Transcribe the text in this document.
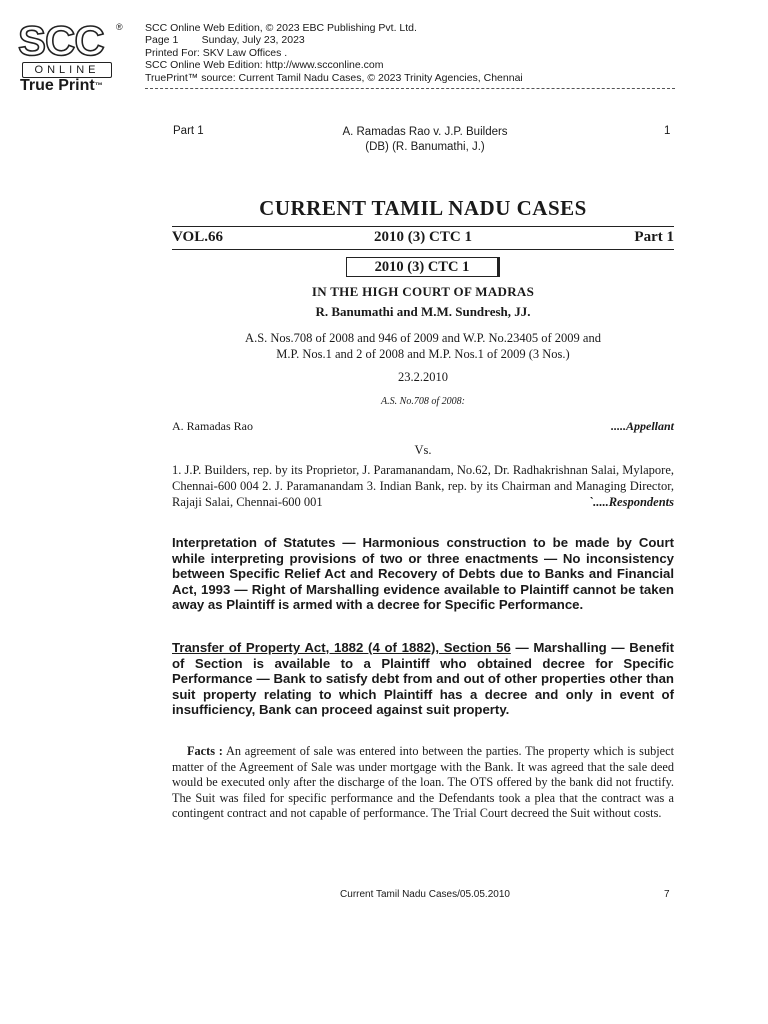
SCC ®
ONLINE
True Print™
SCC Online Web Edition, © 2023 EBC Publishing Pvt. Ltd.
Page 1        Sunday, July 23, 2023
Printed For: SKV Law Offices .
SCC Online Web Edition: http://www.scconline.com
TruePrint™ source: Current Tamil Nadu Cases, © 2023 Trinity Agencies, Chennai
Part 1	A. Ramadas Rao v. J.P. Builders
(DB) (R. Banumathi, J.)
1
CURRENT TAMIL NADU CASES
2010 (3) CTC 1
VOL.66	Part 1
2010 (3) CTC 1
IN THE HIGH COURT OF MADRAS
R. Banumathi and M.M. Sundresh, JJ.
A.S. Nos.708 of 2008 and 946 of 2009 and W.P. No.23405 of 2009 and
M.P. Nos.1 and 2 of 2008 and M.P. Nos.1 of 2009 (3 Nos.)
23.2.2010
A.S. No.708 of 2008:
A. Ramadas Rao	.....Appellant
Vs.
1. J.P. Builders, rep. by its Proprietor, J. Paramanandam, No.62, Dr. Radhakrishnan Salai, Mylapore, Chennai-600 004 2. J. Paramanandam 3. Indian Bank, rep. by its Chairman and Managing Director, Rajaji Salai, Chennai-600 001	`.....Respondents
Interpretation of Statutes — Harmonious construction to be made by Court while interpreting provisions of two or three enactments — No inconsistency between Specific Relief Act and Recovery of Debts due to Banks and Financial Act, 1993 — Right of Marshalling evidence available to Plaintiff cannot be taken away as Plaintiff is armed with a decree for Specific Performance.
Transfer of Property Act, 1882 (4 of 1882), Section 56 — Marshalling — Benefit of Section is available to a Plaintiff who obtained decree for Specific Performance — Bank to satisfy debt from and out of other properties other than suit property relating to which Plaintiff has a decree and only in event of insufficiency, Bank can proceed against suit property.
Facts : An agreement of sale was entered into between the parties. The property which is subject matter of the Agreement of Sale was under mortgage with the Bank. It was agreed that the sale deed would be executed only after the discharge of the loan. The OTS offered by the bank did not fructify. The Suit was filed for specific performance and the Defendants took a plea that the contract was a contingent contract and not capable of performance. The Trial Court decreed the Suit without costs.
Current Tamil Nadu Cases/05.05.2010	7
